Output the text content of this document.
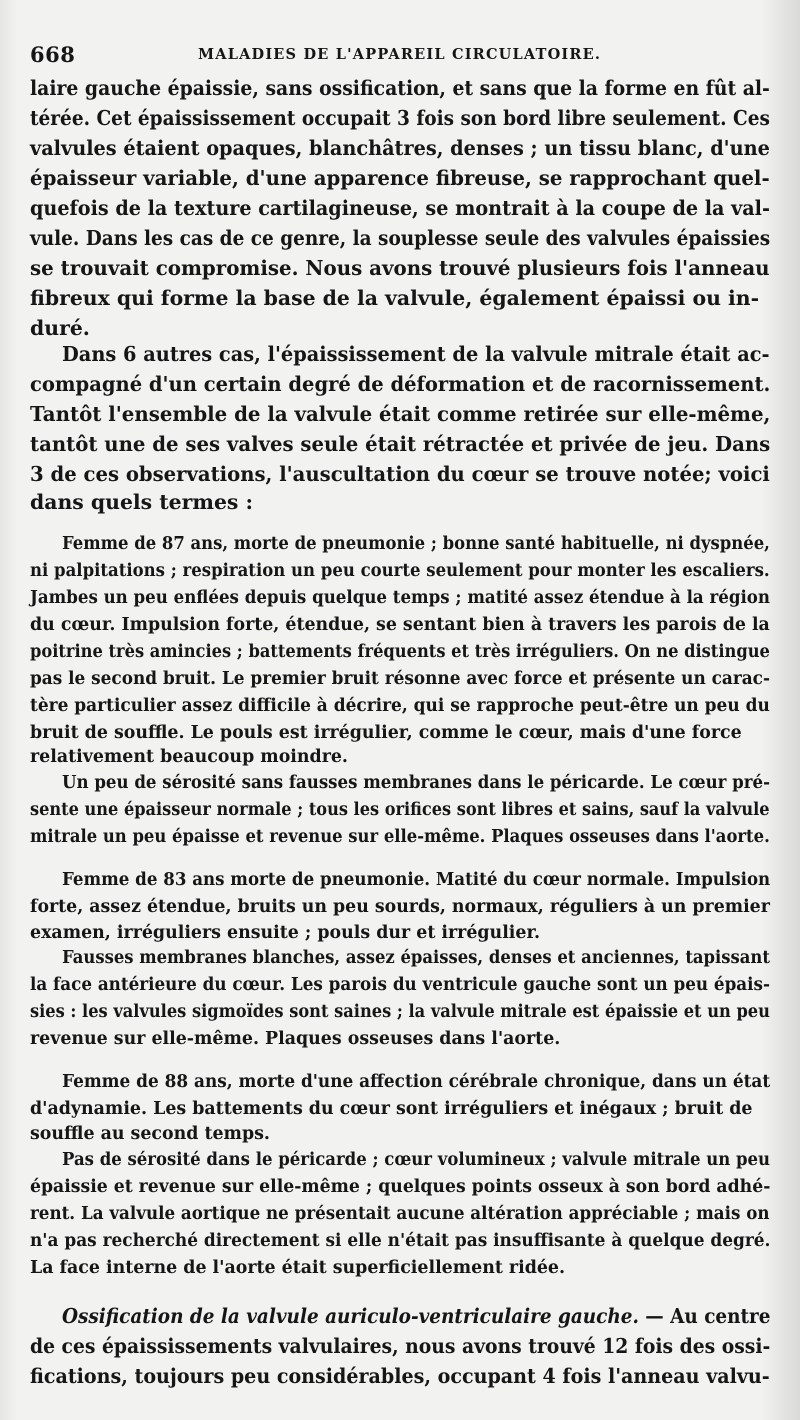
668	MALADIES DE L'APPAREIL CIRCULATOIRE.
laire gauche épaissie, sans ossification, et sans que la forme en fût al-
térée. Cet épaississement occupait 3 fois son bord libre seulement. Ces
valvules étaient opaques, blanchâtres, denses ; un tissu blanc, d'une
épaisseur variable, d'une apparence fibreuse, se rapprochant quel-
quefois de la texture cartilagineuse, se montrait à la coupe de la val-
vule. Dans les cas de ce genre, la souplesse seule des valvules épaissies
se trouvait compromise. Nous avons trouvé plusieurs fois l'anneau
fibreux qui forme la base de la valvule, également épaissi ou in-
duré.
Dans 6 autres cas, l'épaississement de la valvule mitrale était ac-
compagné d'un certain degré de déformation et de racornissement.
Tantôt l'ensemble de la valvule était comme retirée sur elle-même,
tantôt une de ses valves seule était rétractée et privée de jeu. Dans
3 de ces observations, l'auscultation du cœur se trouve notée; voici
dans quels termes :
Femme de 87 ans, morte de pneumonie ; bonne santé habituelle, ni dyspnée,
ni palpitations ; respiration un peu courte seulement pour monter les escaliers.
Jambes un peu enflées depuis quelque temps ; matité assez étendue à la région
du cœur. Impulsion forte, étendue, se sentant bien à travers les parois de la
poitrine très amincies ; battements fréquents et très irréguliers. On ne distingue
pas le second bruit. Le premier bruit résonne avec force et présente un carac-
tère particulier assez difficile à décrire, qui se rapproche peut-être un peu du
bruit de souffle. Le pouls est irrégulier, comme le cœur, mais d'une force
relativement beaucoup moindre.
Un peu de sérosité sans fausses membranes dans le péricarde. Le cœur pré-
sente une épaisseur normale ; tous les orifices sont libres et sains, sauf la valvule
mitrale un peu épaisse et revenue sur elle-même. Plaques osseuses dans l'aorte.
Femme de 83 ans morte de pneumonie. Matité du cœur normale. Impulsion
forte, assez étendue, bruits un peu sourds, normaux, réguliers à un premier
examen, irréguliers ensuite ; pouls dur et irrégulier.
Fausses membranes blanches, assez épaisses, denses et anciennes, tapissant
la face antérieure du cœur. Les parois du ventricule gauche sont un peu épais-
sies : les valvules sigmoïdes sont saines ; la valvule mitrale est épaissie et un peu
revenue sur elle-même. Plaques osseuses dans l'aorte.
Femme de 88 ans, morte d'une affection cérébrale chronique, dans un état
d'adynamie. Les battements du cœur sont irréguliers et inégaux ; bruit de
souffle au second temps.
Pas de sérosité dans le péricarde ; cœur volumineux ; valvule mitrale un peu
épaissie et revenue sur elle-même ; quelques points osseux à son bord adhé-
rent. La valvule aortique ne présentait aucune altération appréciable ; mais on
n'a pas recherché directement si elle n'était pas insuffisante à quelque degré.
La face interne de l'aorte était superficiellement ridée.
Ossification de la valvule auriculo-ventriculaire gauche. — Au centre
de ces épaississements valvulaires, nous avons trouvé 12 fois des ossi-
fications, toujours peu considérables, occupant 4 fois l'anneau valvu-
